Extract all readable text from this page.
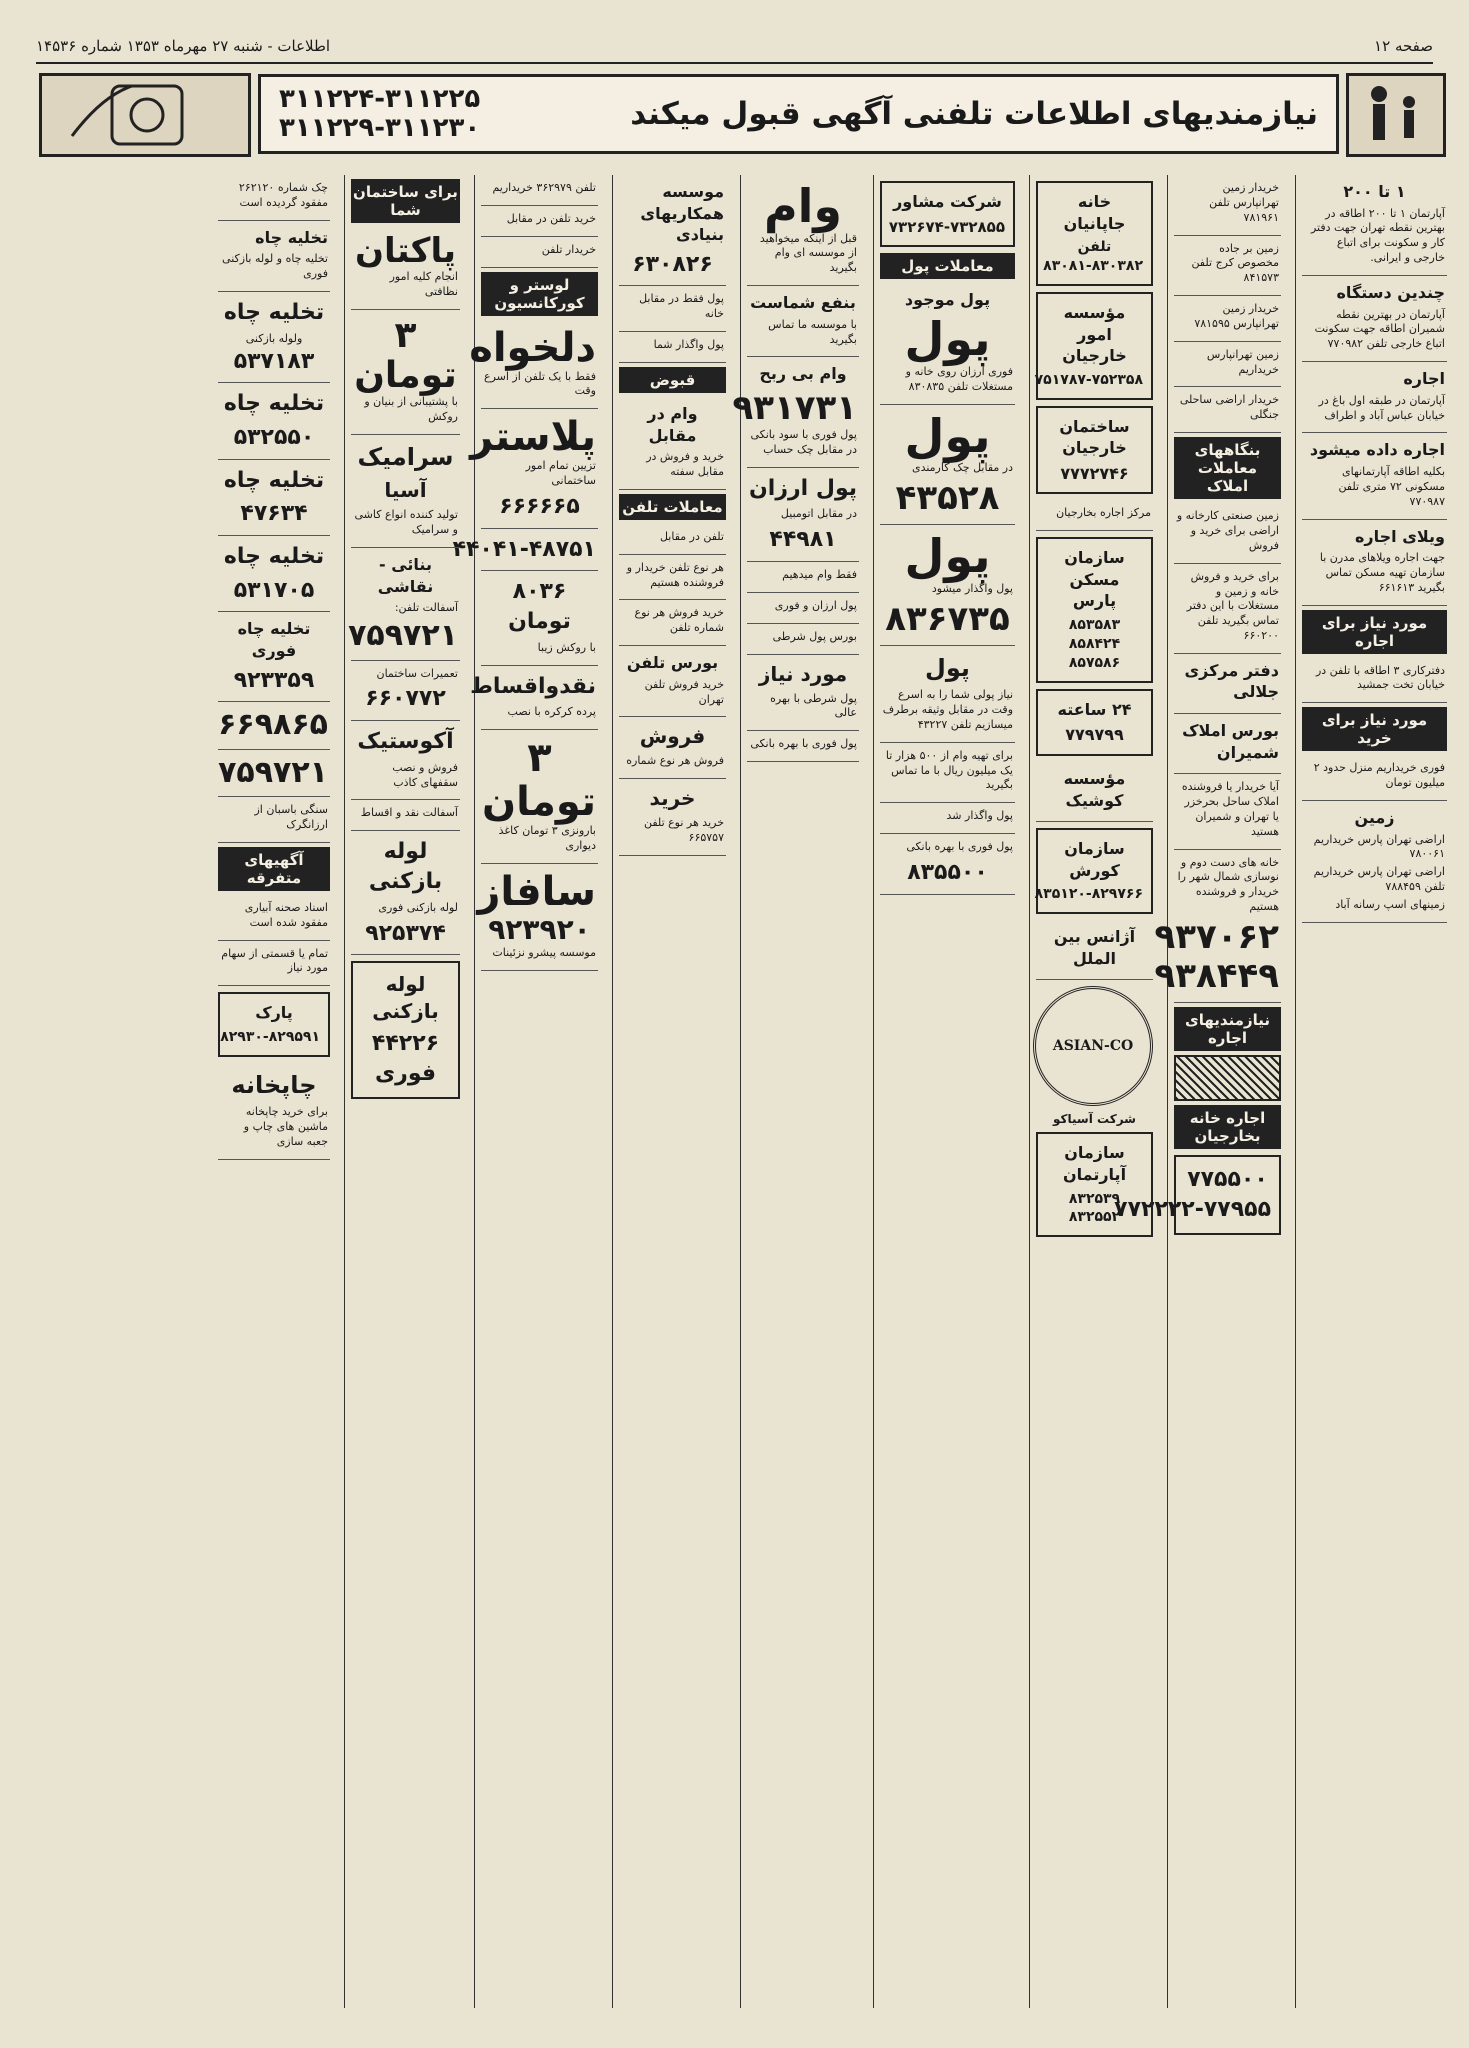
صفحه ۱۲
اطلاعات - شنبه ۲۷ مهرماه ۱۳۵۳ شماره ۱۴۵۳۶
نیازمندیهای اطلاعات تلفنی آگهی قبول میکند
۳۱۱۲۲۴-۳۱۱۲۲۵
۳۱۱۲۲۹-۳۱۱۲۳۰
۱ تا ۲۰۰

آپارتمان ۱ تا ۲۰۰ اطاقه در بهترین نقطه تهران جهت دفتر کار و سکونت برای اتباع خارجی و ایرانی.

چندین دستگاه

آپارتمان در بهترین نقطه شمیران اطاقه جهت سکونت اتباع خارجی تلفن ۷۷۰۹۸۲

اجاره

آپارتمان در طبقه اول باغ در خیابان عباس آباد و اطراف

اجاره داده میشود

بکلیه اطاقه آپارتمانهای مسکونی ۷۲ متری تلفن ۷۷۰۹۸۷

ویلای اجاره

جهت اجاره ویلاهای مدرن با سازمان تهیه مسکن تماس بگیرید ۶۶۱۶۱۳

مورد نیاز برای اجاره

دفترکاری ۳ اطاقه با تلفن در خیابان تخت جمشید

مورد نیاز برای خرید

فوری خریداریم منزل حدود ۲ میلیون تومان

زمین

اراضی تهران پارس خریداریم ۷۸۰۰۶۱

اراضی تهران پارس خریداریم تلفن ۷۸۸۴۵۹

زمینهای اسپ رسانه آباد

خریدار زمین تهرانپارس تلفن ۷۸۱۹۶۱

زمین بر جاده مخصوص کرج تلفن ۸۴۱۵۷۳

خریدار زمین تهرانپارس ۷۸۱۵۹۵

زمین تهرانپارس خریداریم

خریدار اراضی ساحلی جنگلی

بنگاههای معاملات املاک

زمین صنعتی کارخانه و اراضی برای خرید و فروش

برای خرید و فروش خانه و زمین و مستغلات با این دفتر تماس بگیرید تلفن ۶۶۰۲۰۰

دفتر مرکزی جلالی
بورس املاک شمیران

آیا خریدار یا فروشنده املاک ساحل بحرخزر یا تهران و شمیران هستید

خانه های دست دوم و نوسازی شمال شهر را خریدار و فروشنده هستیم

۹۳۷۰۶۲
۹۳۸۴۴۹
نیازمندیهای اجاره
اجاره خانه بخارجیان
۷۷۵۵۰۰
۷۷۲۲۲۲-۷۷۹۵۵
خانه جاپانیان
تلفن ۸۳۰۳۸۲-۸۳۰۸۱
مؤسسه امور خارجیان
۷۵۱۷۸۷-۷۵۲۳۵۸
ساختمان خارجیان
۷۷۷۲۷۴۶

مرکز اجاره بخارجیان

سازمان مسکن پارس
۸۵۳۵۸۳ ۸۵۸۴۲۴ ۸۵۷۵۸۶
۲۴ ساعته
۷۷۹۷۹۹
مؤسسه کوشیک
سازمان کورش
۸۳۵۱۲۰-۸۲۹۷۶۶
آژانس بین الملل
ASIAN-CO
شرکت آسیاکو
سازمان آپارتمان
۸۳۲۵۳۹ ۸۳۲۵۵۲
شرکت مشاور
۷۳۲۶۷۴-۷۳۲۸۵۵
معاملات پول
پول موجود
پول

فوری ارزان روی خانه و مستغلات تلفن ۸۳۰۸۳۵

پول

در مقابل چک کارمندی

۴۳۵۲۸
پول

پول واگذار میشود

۸۳۶۷۳۵
پول

نیاز پولی شما را به اسرع وقت در مقابل وثیقه برطرف میسازیم تلفن ۴۳۲۲۷

برای تهیه وام از ۵۰۰ هزار تا یک میلیون ریال با ما تماس بگیرید

پول واگذار شد

پول فوری با بهره بانکی

۸۳۵۵۰۰
وام

قبل از اینکه میخواهید از موسسه ای وام بگیرید

بنفع شماست

با موسسه ما تماس بگیرید

وام بی ربح
۹۳۱۷۳۱

پول فوری با سود بانکی در مقابل چک حساب

پول ارزان

در مقابل اتومبیل

۴۴۹۸۱

فقط وام میدهیم

پول ارزان و فوری

بورس پول شرطی

مورد نیاز

پول شرطی با بهره عالی

پول فوری با بهره بانکی

موسسه همکاریهای بنیادی
۶۳۰۸۲۶

پول فقط در مقابل خانه

پول واگذار شما

قبوض
وام در مقابل

خرید و فروش در مقابل سفته

معاملات تلفن

تلفن در مقابل

هر نوع تلفن خریدار و فروشنده هستیم

خرید فروش هر نوع شماره تلفن

بورس تلفن

خرید فروش تلفن تهران

فروش

فروش هر نوع شماره

خرید

خرید هر نوع تلفن ۶۶۵۷۵۷

تلفن ۳۶۲۹۷۹ خریداریم

خرید تلفن در مقابل

خریدار تلفن

لوستر و کورکانسیون
دلخواه

فقط با یک تلفن از اسرع وقت

پلاستر

تزیین تمام امور ساختمانی

۶۶۶۶۶۵
۴۴۰۴۱-۴۸۷۵۱
۸۰۳۶ تومان

با روکش زیبا

نقدواقساط

پرده کرکره با نصب

۳ تومان

بارونزی ۳ تومان کاغذ دیواری

سافاز
۹۲۳۹۲۰

موسسه پیشرو نزئینات

برای ساختمان شما
پاکتان

انجام کلیه امور نظافتی

۳ تومان

با پشتیبانی از بنیان و روکش

سرامیک
آسیا

تولید کننده انواع کاشی و سرامیک

بنائی - نقاشی

آسفالت تلفن:

۷۵۹۷۲۱

تعمیرات ساختمان

۶۶۰۷۷۲
آکوستیک

فروش و نصب سقفهای کاذب

آسفالت نقد و اقساط

لوله بازکنی

لوله بازکنی فوری

۹۲۵۳۷۴
لوله بازکنی
۴۴۲۲۶ فوری

چک شماره ۲۶۲۱۲۰ مفقود گردیده است

تخلیه چاه

تخلیه چاه و لوله بازکنی فوری

تخلیه چاه
ولوله بازکنی
۵۳۷۱۸۳
تخلیه چاه
۵۳۲۵۵۰
تخلیه چاه
۴۷۶۳۴
تخلیه چاه
۵۳۱۷۰۵
تخلیه چاه فوری
۹۲۳۳۵۹
۶۶۹۸۶۵
۷۵۹۷۲۱

سنگی باسبان از ارزانگرک

آگهیهای متفرقه

اسناد صحنه آبیاری مفقود شده است

تمام یا قسمتی از سهام مورد نیاز

پارک
۸۲۹۳۰-۸۲۹۵۹۱
چاپخانه

برای خرید چاپخانه ماشین های چاپ و جعبه سازی
